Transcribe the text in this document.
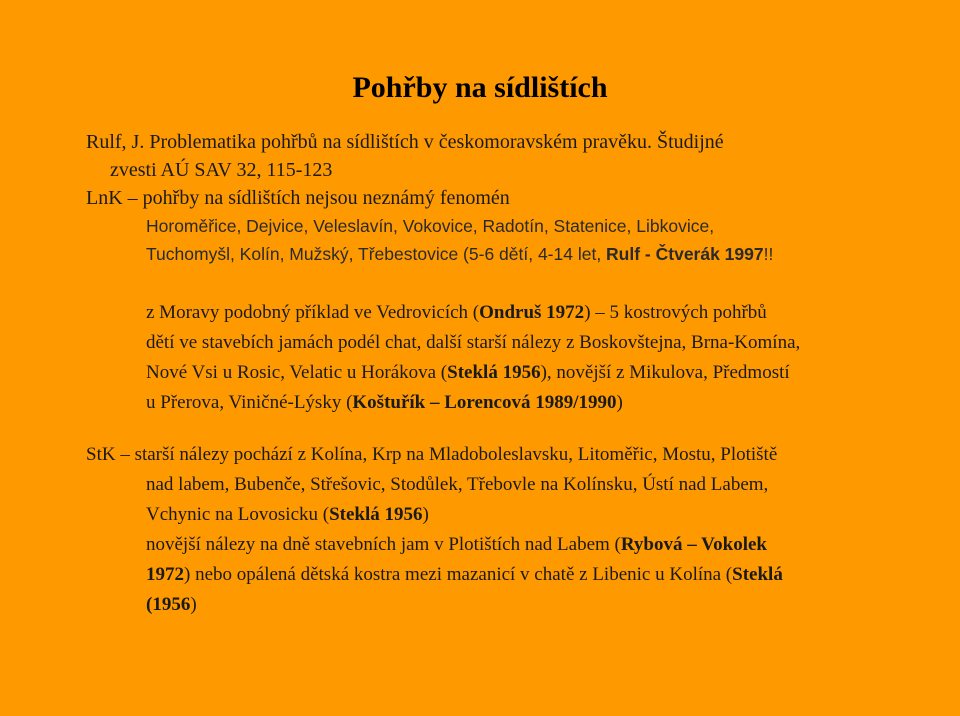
Pohřby na sídlištích
Rulf, J. Problematika pohřbů na sídlištích v českomoravském pravěku. Študijné
zvesti AÚ SAV 32, 115-123
LnK – pohřby na sídlištích nejsou neznámý fenomén
Horoměřice, Dejvice, Veleslavín, Vokovice, Radotín, Statenice, Libkovice,
Tuchomyšl, Kolín, Mužský, Třebestovice (5-6 dětí, 4-14 let, Rulf - Čtverák 1997!!
z Moravy podobný příklad ve Vedrovicích (Ondruš 1972) – 5 kostrových pohřbů
dětí ve stavebích jamách podél chat, další starší nálezy z Boskovštejna, Brna-Komína,
Nové Vsi u Rosic, Velatic u Horákova (Steklá 1956), novější z Mikulova, Předmostí
u Přerova, Viničné-Lýsky (Koštuřík – Lorencová 1989/1990)
StK – starší nálezy pochází z Kolína, Krp na Mladoboleslavsku, Litoměřic, Mostu, Plotiště
nad labem, Bubenče, Střešovic, Stodůlek, Třebovle na Kolínsku, Ústí nad Labem,
Vchynic na Lovosicku (Steklá 1956)
novější nálezy na dně stavebních jam v Plotištích nad Labem (Rybová – Vokolek
1972) nebo opálená dětská kostra mezi mazanicí v chatě z Libenic u Kolína (Steklá
(1956)
